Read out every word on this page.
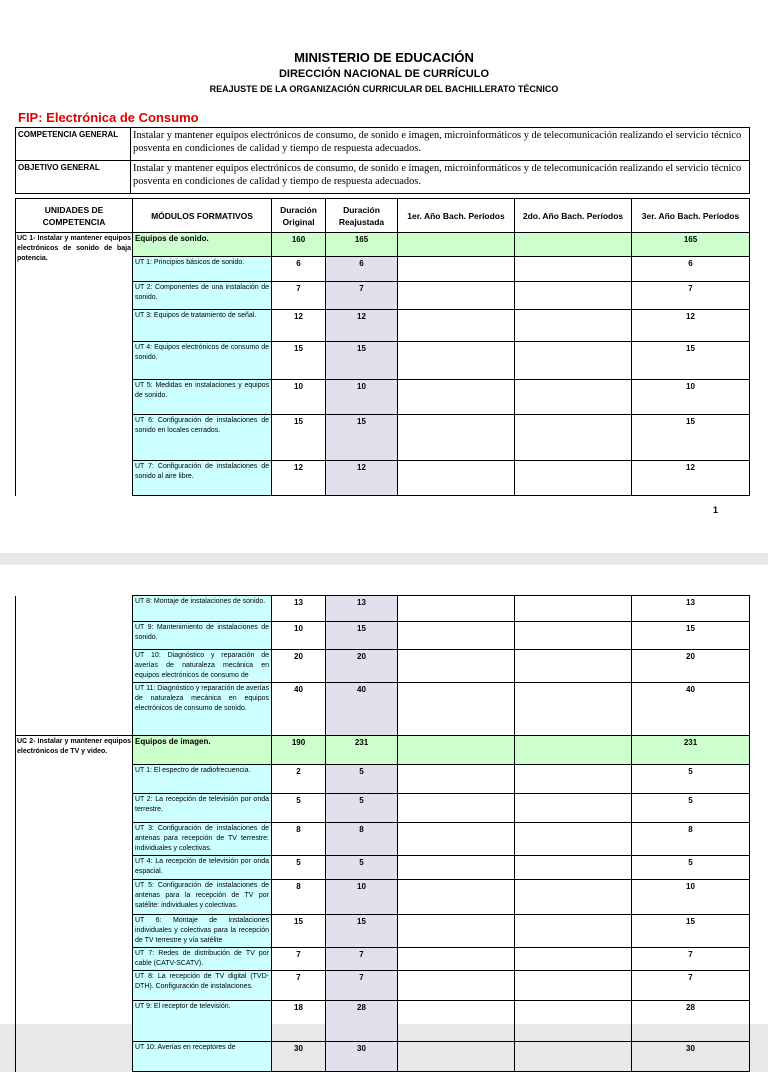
MINISTERIO DE EDUCACIÓN
DIRECCIÓN NACIONAL DE CURRÍCULO
REAJUSTE DE LA ORGANIZACIÓN CURRICULAR DEL BACHILLERATO TÉCNICO
FIP: Electrónica de Consumo
COMPETENCIA GENERAL	Instalar y mantener equipos electrónicos de consumo, de sonido e imagen, microinformáticos y de telecomunicación realizando el servicio técnico posventa en condiciones de calidad y tiempo de respuesta adecuados.
OBJETIVO GENERAL	Instalar y mantener equipos electrónicos de consumo, de sonido e imagen, microinformáticos y de telecomunicación realizando el servicio técnico posventa en condiciones de calidad y tiempo de respuesta adecuados.
UNIDADES DE COMPETENCIA	MÓDULOS FORMATIVOS	Duración Original	Duración Reajustada	1er. Año Bach. Períodos	2do. Año Bach. Períodos	3er. Año Bach. Períodos
UC 1- Instalar y mantener equipos electrónicos de sonido de baja potencia.	Equipos de sonido.	160	165			165
	UT 1: Principios básicos de sonido.	6	6			6
	UT 2: Componentes de una instalación de sonido.	7	7			7
	UT 3: Equipos de tratamiento de señal.	12	12			12
	UT 4: Equipos electrónicos de consumo de sonido.	15	15			15
	UT 5: Medidas en instalaciones y equipos de sonido.	10	10			10
	UT 6: Configuración de instalaciones de sonido en locales cerrados.	15	15			15
	UT 7: Configuración de instalaciones de sonido al aire libre.	12	12			12
1
	UT 8: Montaje de instalaciones de sonido.	13	13			13
	UT 9: Mantenimiento de instalaciones de sonido.	10	15			15
	UT 10: Diagnóstico y reparación de averías de naturaleza mecánica en equipos electrónicos de consumo de	20	20			20
	UT 11: Diagnóstico y reparación de averías de naturaleza mecánica en equipos electrónicos de consumo de sonido.	40	40			40
UC 2- Instalar y mantener equipos electrónicos de TV y video.	Equipos de imagen.	190	231			231
	UT 1: El espectro de radiofrecuencia.	2	5			5
	UT 2: La recepción de televisión por onda terrestre.	5	5			5
	UT 3: Configuración de instalaciones de antenas para recepción de TV terrestre: individuales y colectivas.	8	8			8
	UT 4: La recepción de televisión por onda espacial.	5	5			5
	UT 5: Configuración de instalaciones de antenas para la recepción de TV por satélite: individuales y colectivas.	8	10			10
	UT 6: Montaje de instalaciones individuales y colectivas para la recepción de TV terrestre y vía satélite	15	15			15
	UT 7: Redes de distribución de TV por cable (CATV-SCATV).	7	7			7
	UT 8: La recepción de TV digital (TVD-DTH). Configuración de instalaciones.	7	7			7
	UT 9: El receptor de televisión.	18	28			28
	UT 10: Averías en receptores de	30	30			30
